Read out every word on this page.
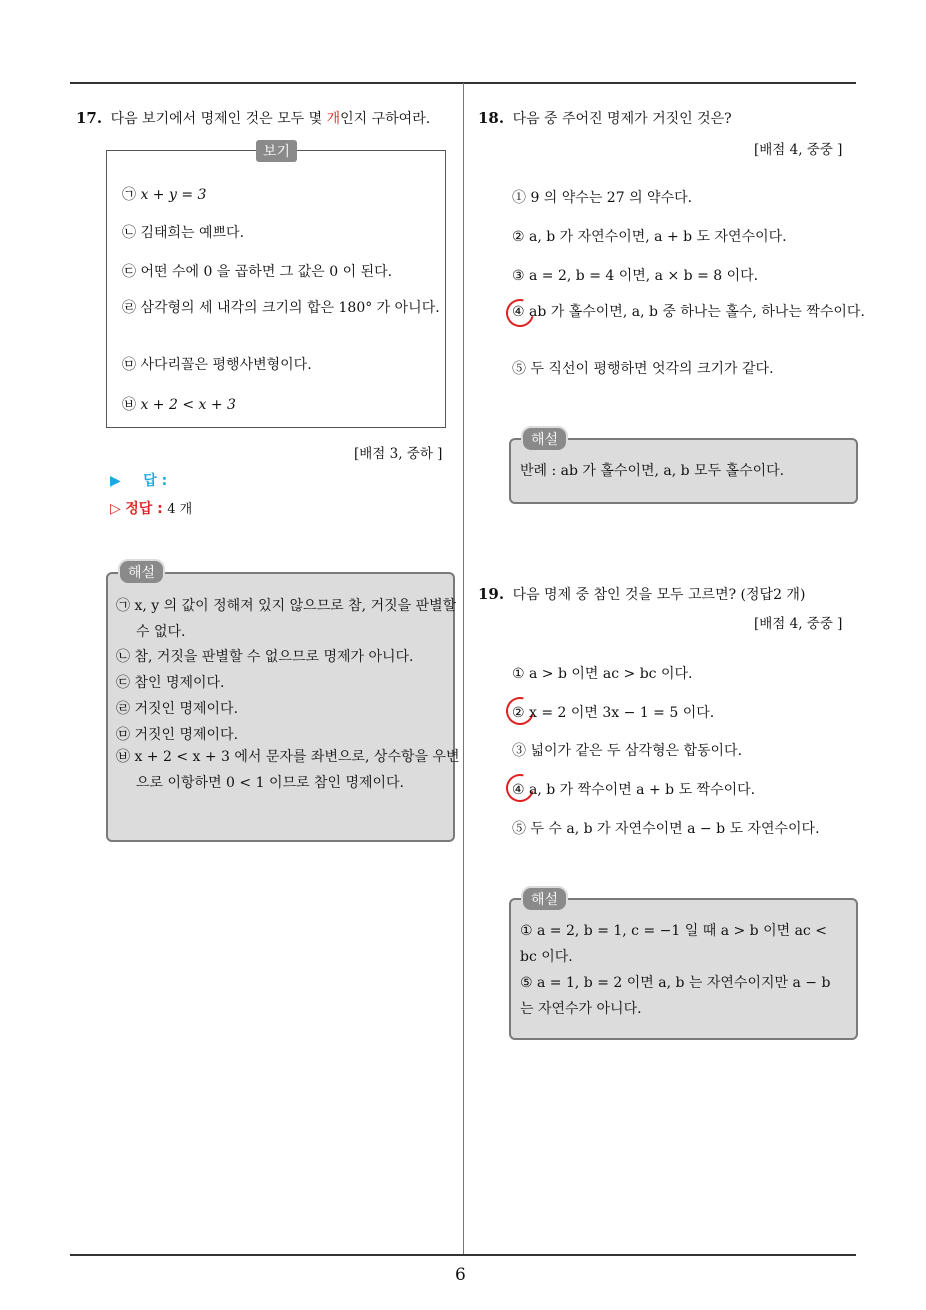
6
17. 다음 보기에서 명제인 것은 모두 몇 개인지 구하여라.
보기
㉠ x + y = 3
㉡ 김태희는 예쁘다.
㉢ 어떤 수에 0 을 곱하면 그 값은 0 이 된다.
㉣ 삼각형의 세 내각의 크기의 합은 180° 가 아니다.
㉤ 사다리꼴은 평행사변형이다.
㉥ x + 2 < x + 3
[배점 3, 중하 ]
▶ 답 :
▷ 정답 : 4 개
해설
㉠ x, y 의 값이 정해져 있지 않으므로 참, 거짓을 판별할 수 없다.
㉡ 참, 거짓을 판별할 수 없으므로 명제가 아니다.
㉢ 참인 명제이다.
㉣ 거짓인 명제이다.
㉤ 거짓인 명제이다.
㉥ x + 2 < x + 3 에서 문자를 좌변으로, 상수항을 우변으로 이항하면 0 < 1 이므로 참인 명제이다.
18. 다음 중 주어진 명제가 거짓인 것은?
[배점 4, 중중 ]
① 9 의 약수는 27 의 약수다.
② a, b 가 자연수이면, a + b 도 자연수이다.
③ a = 2, b = 4 이면, a × b = 8 이다.
④ ab 가 홀수이면, a, b 중 하나는 홀수, 하나는 짝수이다.
⑤ 두 직선이 평행하면 엇각의 크기가 같다.
해설
반례 : ab 가 홀수이면, a, b 모두 홀수이다.
19. 다음 명제 중 참인 것을 모두 고르면? (정답2 개)
[배점 4, 중중 ]
① a > b 이면 ac > bc 이다.
② x = 2 이면 3x − 1 = 5 이다.
③ 넓이가 같은 두 삼각형은 합동이다.
④ a, b 가 짝수이면 a + b 도 짝수이다.
⑤ 두 수 a, b 가 자연수이면 a − b 도 자연수이다.
해설
① a = 2, b = 1, c = −1 일 때 a > b 이면 ac < bc 이다.
⑤ a = 1, b = 2 이면 a, b 는 자연수이지만 a − b 는 자연수가 아니다.
